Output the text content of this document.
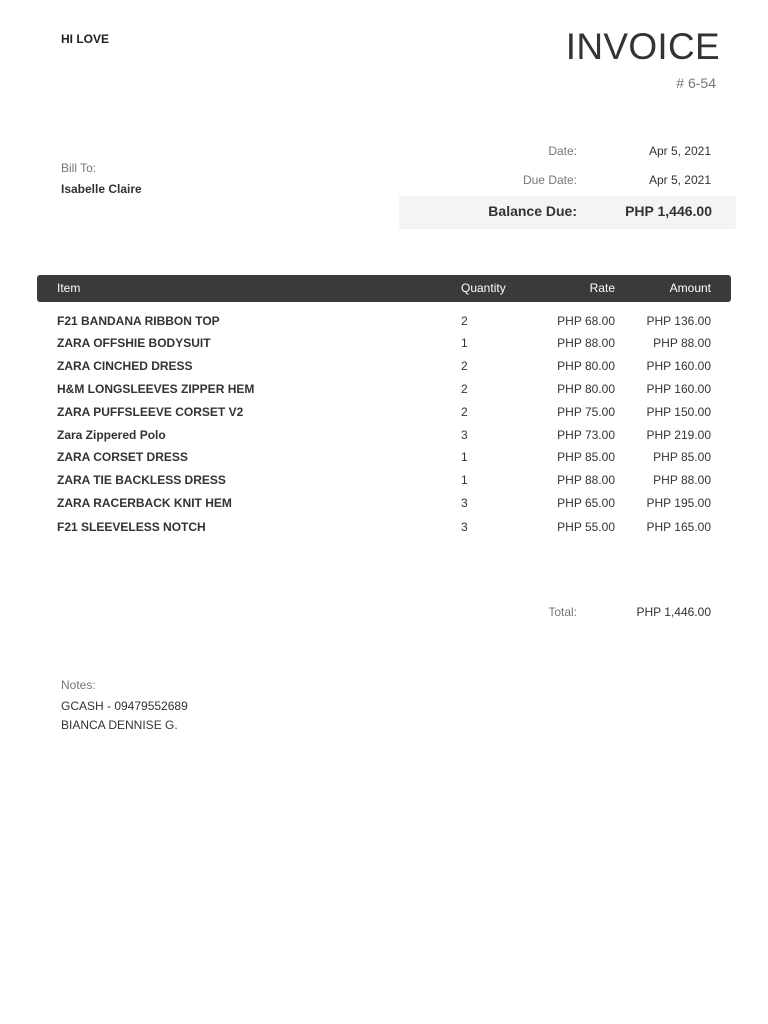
HI LOVE	INVOICE
# 6-54
Bill To:
Isabelle Claire
Date:	Apr 5, 2021
Due Date:	Apr 5, 2021
Balance Due:	PHP 1,446.00
Item	Quantity	Rate	Amount
F21 BANDANA RIBBON TOP	2	PHP 68.00	PHP 136.00
ZARA OFFSHIE BODYSUIT	1	PHP 88.00	PHP 88.00
ZARA CINCHED DRESS	2	PHP 80.00	PHP 160.00
H&M LONGSLEEVES ZIPPER HEM	2	PHP 80.00	PHP 160.00
ZARA PUFFSLEEVE CORSET V2	2	PHP 75.00	PHP 150.00
Zara Zippered Polo	3	PHP 73.00	PHP 219.00
ZARA CORSET DRESS	1	PHP 85.00	PHP 85.00
ZARA TIE BACKLESS DRESS	1	PHP 88.00	PHP 88.00
ZARA RACERBACK KNIT HEM	3	PHP 65.00	PHP 195.00
F21 SLEEVELESS NOTCH	3	PHP 55.00	PHP 165.00
Total:	PHP 1,446.00
Notes:
GCASH - 09479552689
BIANCA DENNISE G.
